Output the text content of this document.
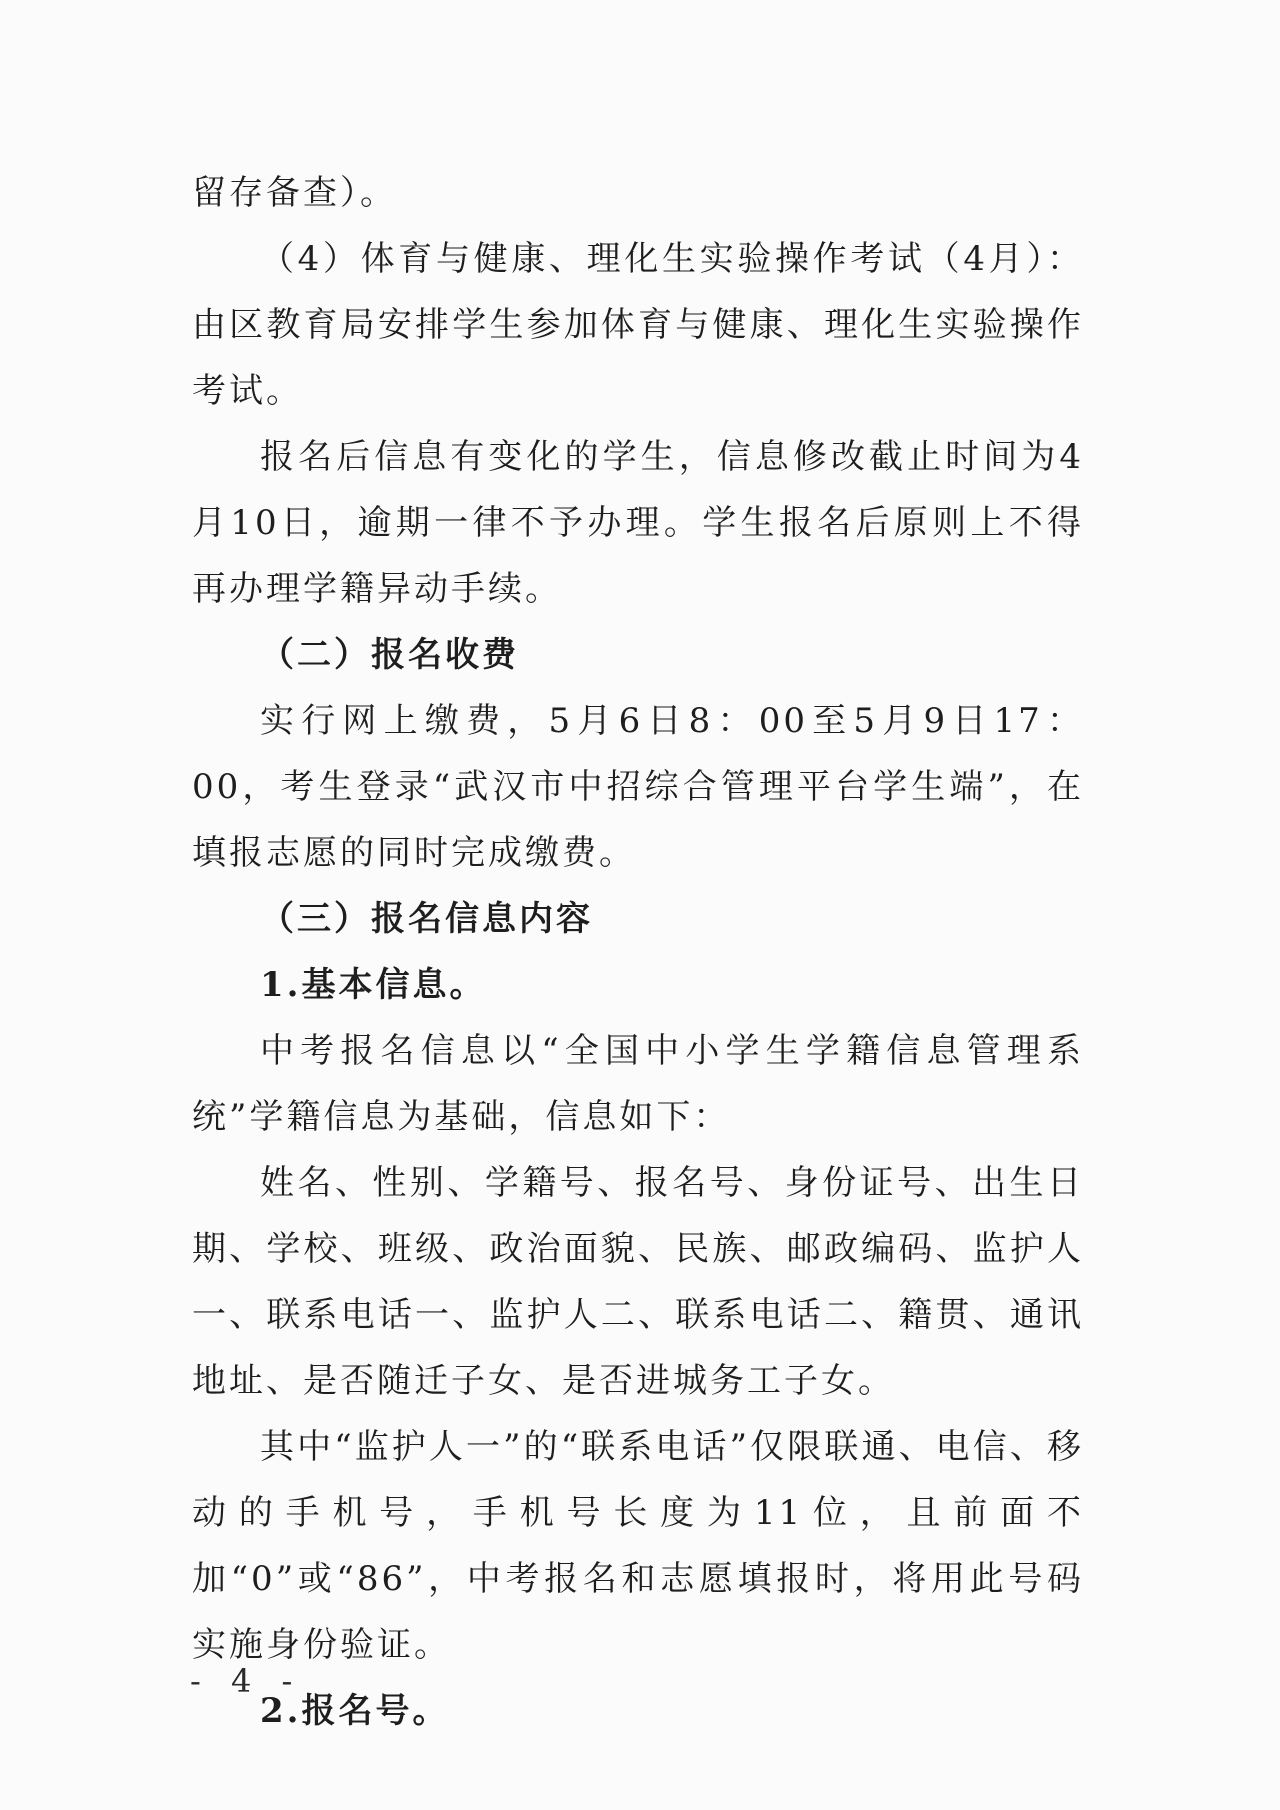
留存备查）。

（4）体育与健康、理化生实验操作考试（4月）：由区教育局安排学生参加体育与健康、理化生实验操作考试。

报名后信息有变化的学生，信息修改截止时间为4月10日，逾期一律不予办理。学生报名后原则上不得再办理学籍异动手续。

（二）报名收费

实行网上缴费，5月6日8：00至5月9日17：00，考生登录“武汉市中招综合管理平台学生端”，在填报志愿的同时完成缴费。

（三）报名信息内容

1.基本信息。

中考报名信息以“全国中小学生学籍信息管理系统”学籍信息为基础，信息如下：

姓名、性别、学籍号、报名号、身份证号、出生日期、学校、班级、政治面貌、民族、邮政编码、监护人一、联系电话一、监护人二、联系电话二、籍贯、通讯地址、是否随迁子女、是否进城务工子女。

其中“监护人一”的“联系电话”仅限联通、电信、移动的手机号，手机号长度为11位，且前面不加“0”或“86”，中考报名和志愿填报时，将用此号码实施身份验证。

2.报名号。

- 4 -
